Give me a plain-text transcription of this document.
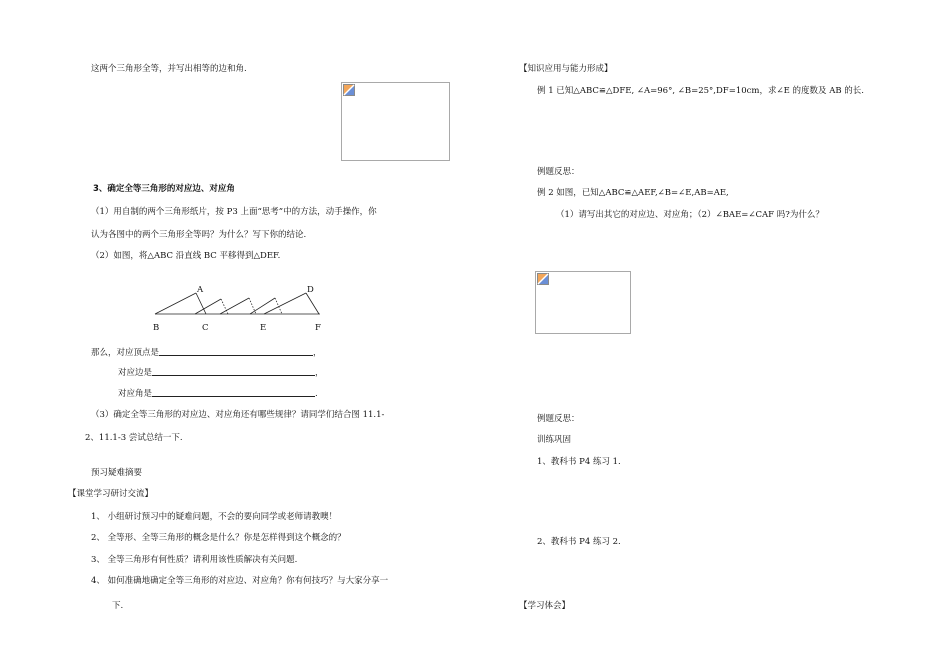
这两个三角形全等，并写出相等的边和角.
3、确定全等三角形的对应边、对应角
（1）用自制的两个三角形纸片，按 P3 上面“思考”中的方法，动手操作，你
认为各图中的两个三角形全等吗？为什么？写下你的结论.
（2）如图，将△ABC 沿直线 BC 平移得到△DEF.
A	D
B	C	E	F
那么，对应顶点是	，
对应边是	，
对应角是	.
（3）确定全等三角形的对应边、对应角还有哪些规律？请同学们结合图 11.1-
2、11.1-3 尝试总结一下.
预习疑难摘要
【课堂学习研讨交流】
1、 小组研讨预习中的疑难问题，不会的要向同学或老师请教噢！
2、 全等形、全等三角形的概念是什么？你是怎样得到这个概念的？
3、 全等三角形有何性质？请利用该性质解决有关问题.
4、 如何准确地确定全等三角形的对应边、对应角？你有何技巧？与大家分享一
下.
【知识应用与能力形成】
例 1 已知△ABC≌△DFE, ∠A=96°, ∠B=25°,DF=10cm，求∠E 的度数及 AB 的长.
例题反思：
例 2 如图，已知△ABC≌△AEF,∠B=∠E,AB=AE,
（1）请写出其它的对应边、对应角；（2）∠BAE=∠CAF 吗?为什么？
例题反思：
训练巩固
1、教科书 P4 练习 1.
2、教科书 P4 练习 2.
【学习体会】
